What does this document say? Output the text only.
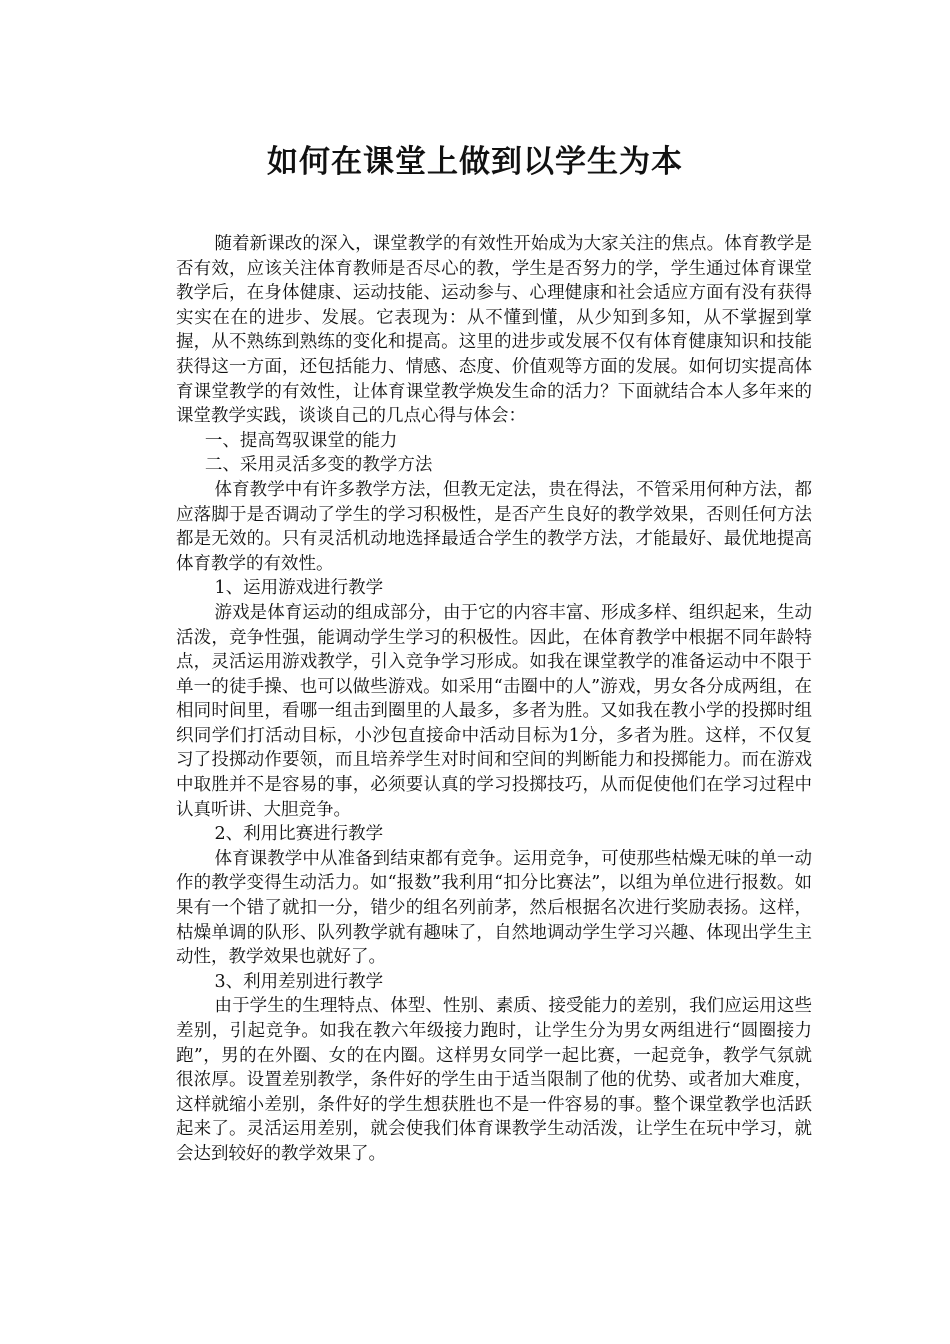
如何在课堂上做到以学生为本

随着新课改的深入，课堂教学的有效性开始成为大家关注的焦点。体育教学是否有效，应该关注体育教师是否尽心的教，学生是否努力的学，学生通过体育课堂教学后，在身体健康、运动技能、运动参与、心理健康和社会适应方面有没有获得实实在在的进步、发展。它表现为：从不懂到懂，从少知到多知，从不掌握到掌握，从不熟练到熟练的变化和提高。这里的进步或发展不仅有体育健康知识和技能获得这一方面，还包括能力、情感、态度、价值观等方面的发展。如何切实提高体育课堂教学的有效性，让体育课堂教学焕发生命的活力？下面就结合本人多年来的课堂教学实践，谈谈自己的几点心得与体会：

一、提高驾驭课堂的能力

二、采用灵活多变的教学方法

体育教学中有许多教学方法，但教无定法，贵在得法，不管采用何种方法，都应落脚于是否调动了学生的学习积极性，是否产生良好的教学效果，否则任何方法都是无效的。只有灵活机动地选择最适合学生的教学方法，才能最好、最优地提高体育教学的有效性。

1、运用游戏进行教学

游戏是体育运动的组成部分，由于它的内容丰富、形成多样、组织起来，生动活泼，竞争性强，能调动学生学习的积极性。因此，在体育教学中根据不同年龄特点，灵活运用游戏教学，引入竞争学习形成。如我在课堂教学的准备运动中不限于单一的徒手操、也可以做些游戏。如采用“击圈中的人”游戏，男女各分成两组，在相同时间里，看哪一组击到圈里的人最多，多者为胜。又如我在教小学的投掷时组织同学们打活动目标，小沙包直接命中活动目标为1分，多者为胜。这样，不仅复习了投掷动作要领，而且培养学生对时间和空间的判断能力和投掷能力。而在游戏中取胜并不是容易的事，必须要认真的学习投掷技巧，从而促使他们在学习过程中认真听讲、大胆竞争。

2、利用比赛进行教学

体育课教学中从准备到结束都有竞争。运用竞争，可使那些枯燥无味的单一动作的教学变得生动活力。如“报数”我利用“扣分比赛法”，以组为单位进行报数。如果有一个错了就扣一分，错少的组名列前茅，然后根据名次进行奖励表扬。这样，枯燥单调的队形、队列教学就有趣味了，自然地调动学生学习兴趣、体现出学生主动性，教学效果也就好了。

3、利用差别进行教学

由于学生的生理特点、体型、性别、素质、接受能力的差别，我们应运用这些差别，引起竞争。如我在教六年级接力跑时，让学生分为男女两组进行“圆圈接力跑”，男的在外圈、女的在内圈。这样男女同学一起比赛，一起竞争，教学气氛就很浓厚。设置差别教学，条件好的学生由于适当限制了他的优势、或者加大难度，这样就缩小差别，条件好的学生想获胜也不是一件容易的事。整个课堂教学也活跃起来了。灵活运用差别，就会使我们体育课教学生动活泼，让学生在玩中学习，就会达到较好的教学效果了。
